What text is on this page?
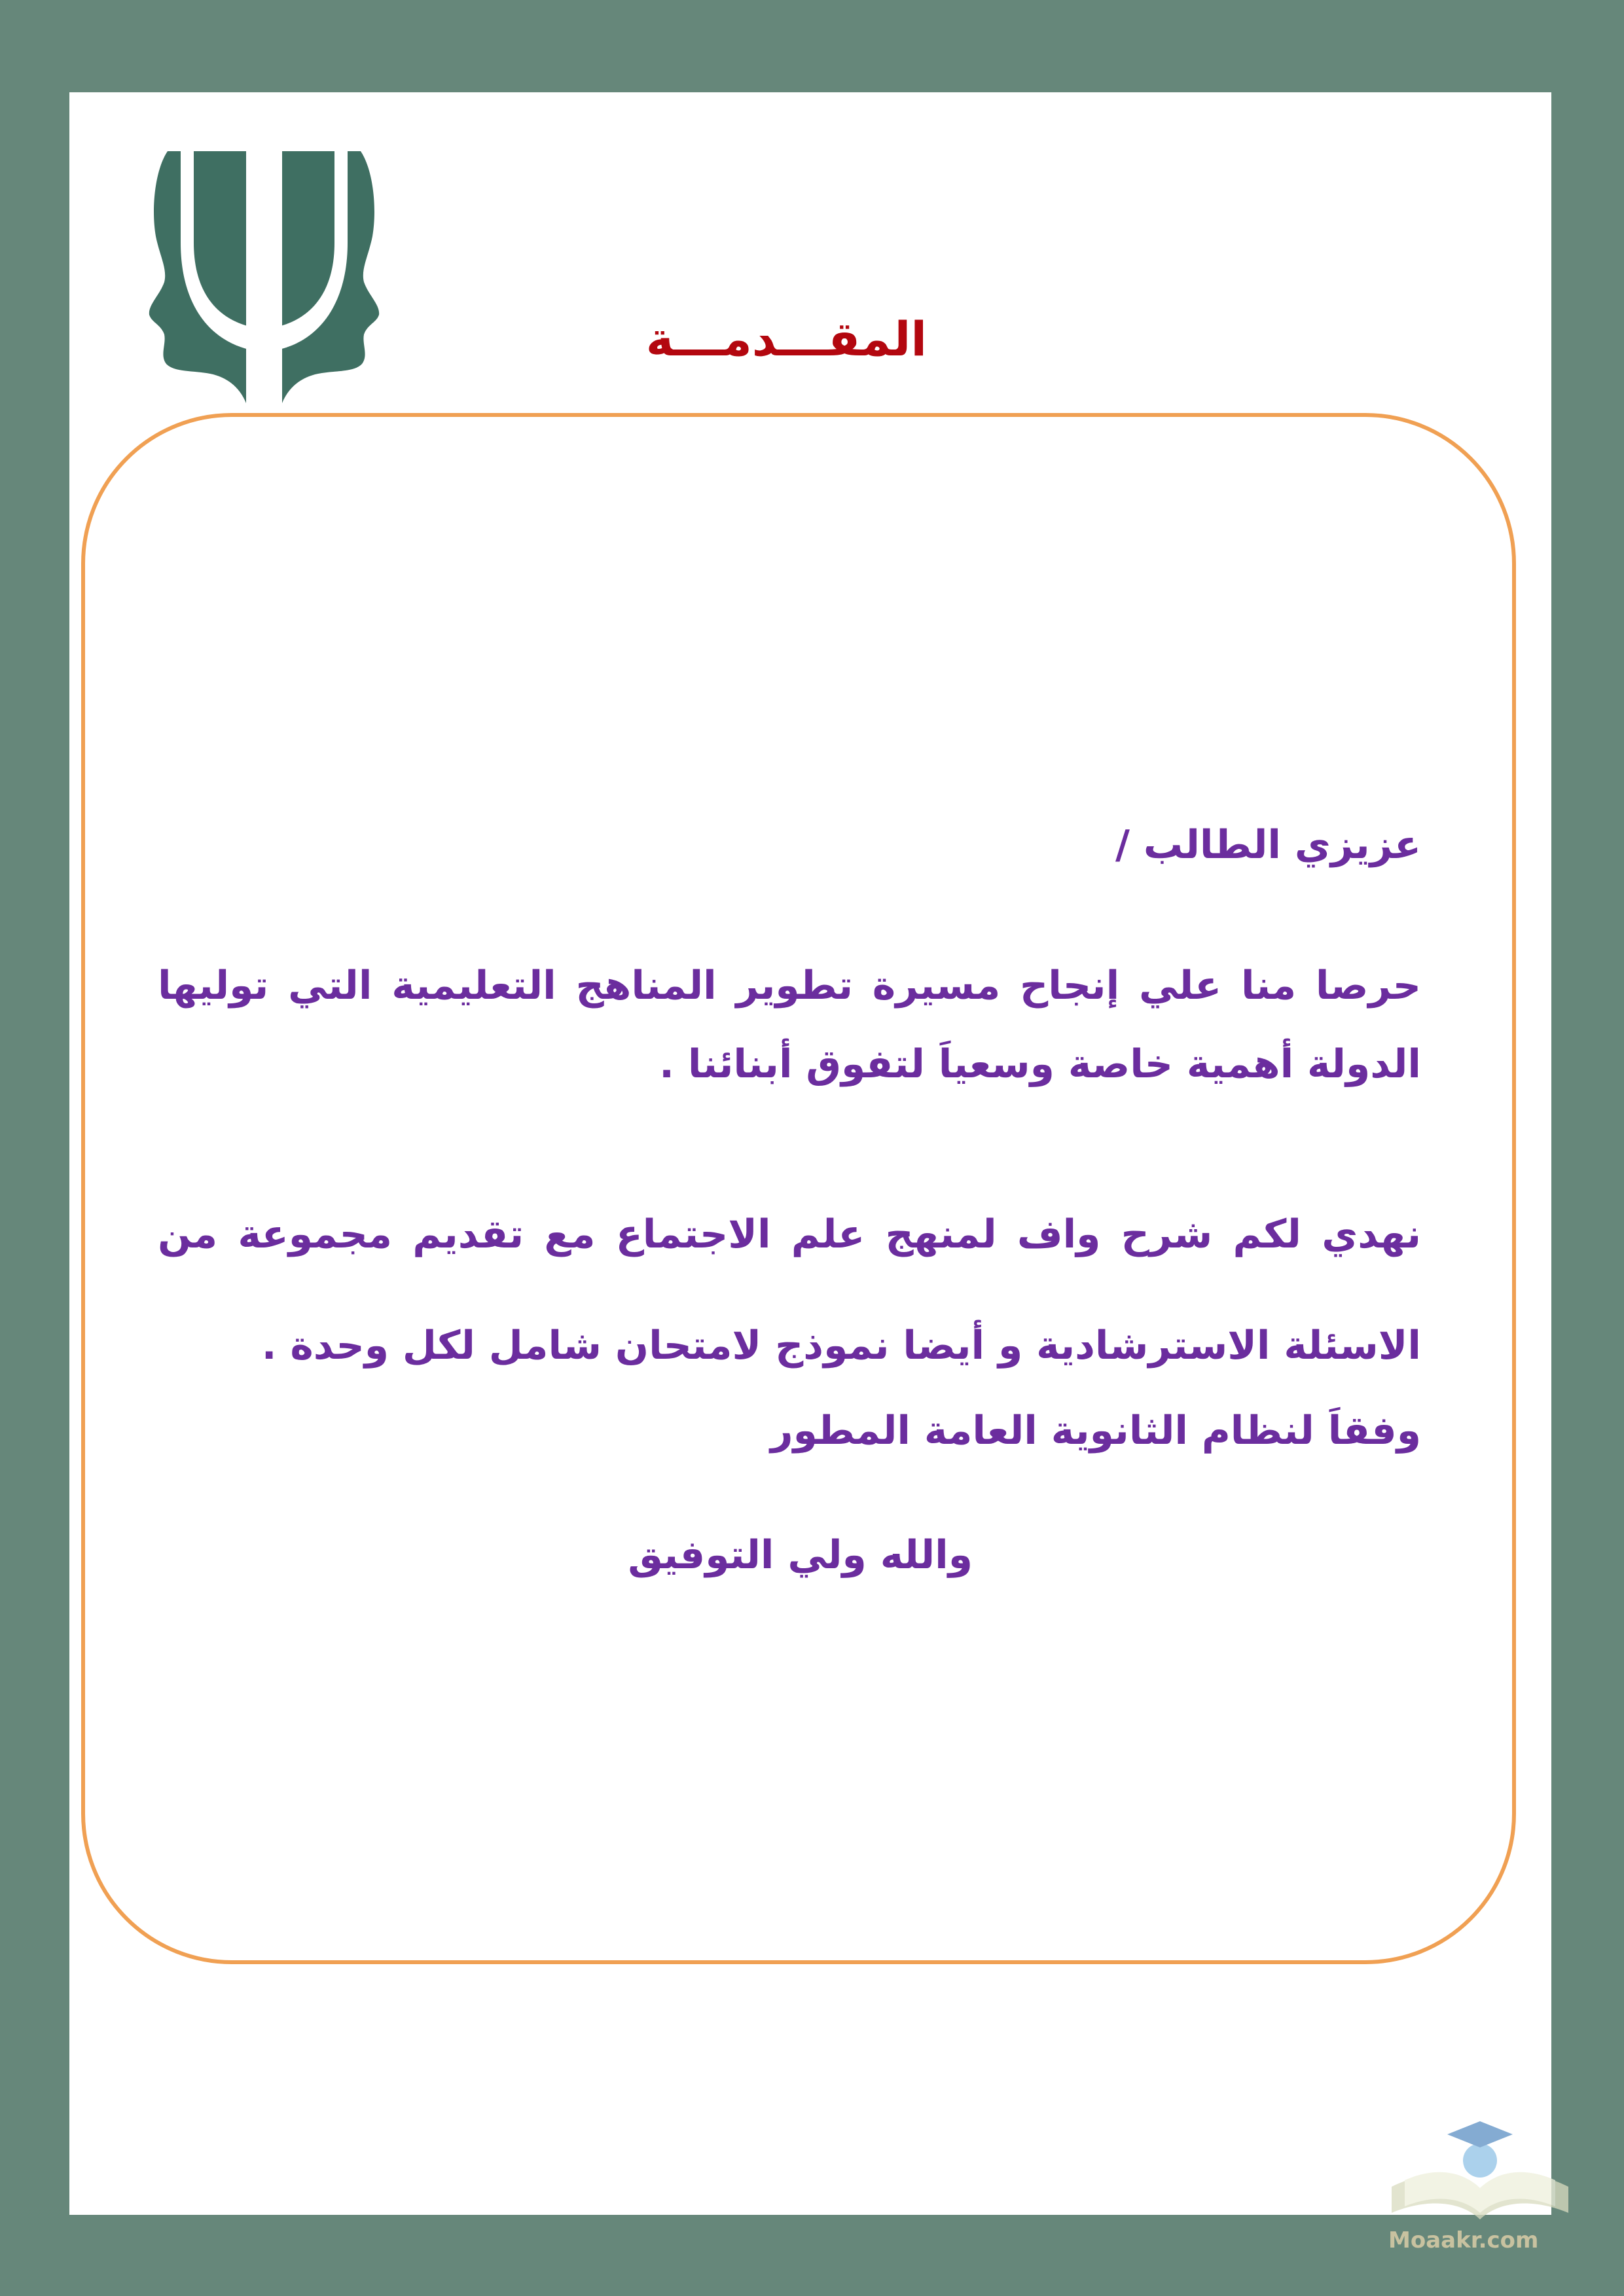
المقـــدمـــة

عزيزي الطالب /

حرصا منا علي إنجاح مسيرة تطوير المناهج التعليمية التي توليها الدولة أهمية خاصة وسعياَ لتفوق أبنائنا .

نهدي لكم شرح واف لمنهج علم الاجتماع مع تقديم مجموعة من الاسئلة الاسترشادية و أيضا نموذج لامتحان شامل لكل وحدة .

وفقاَ لنظام الثانوية العامة المطور

والله ولي التوفيق

Moaakr.com
